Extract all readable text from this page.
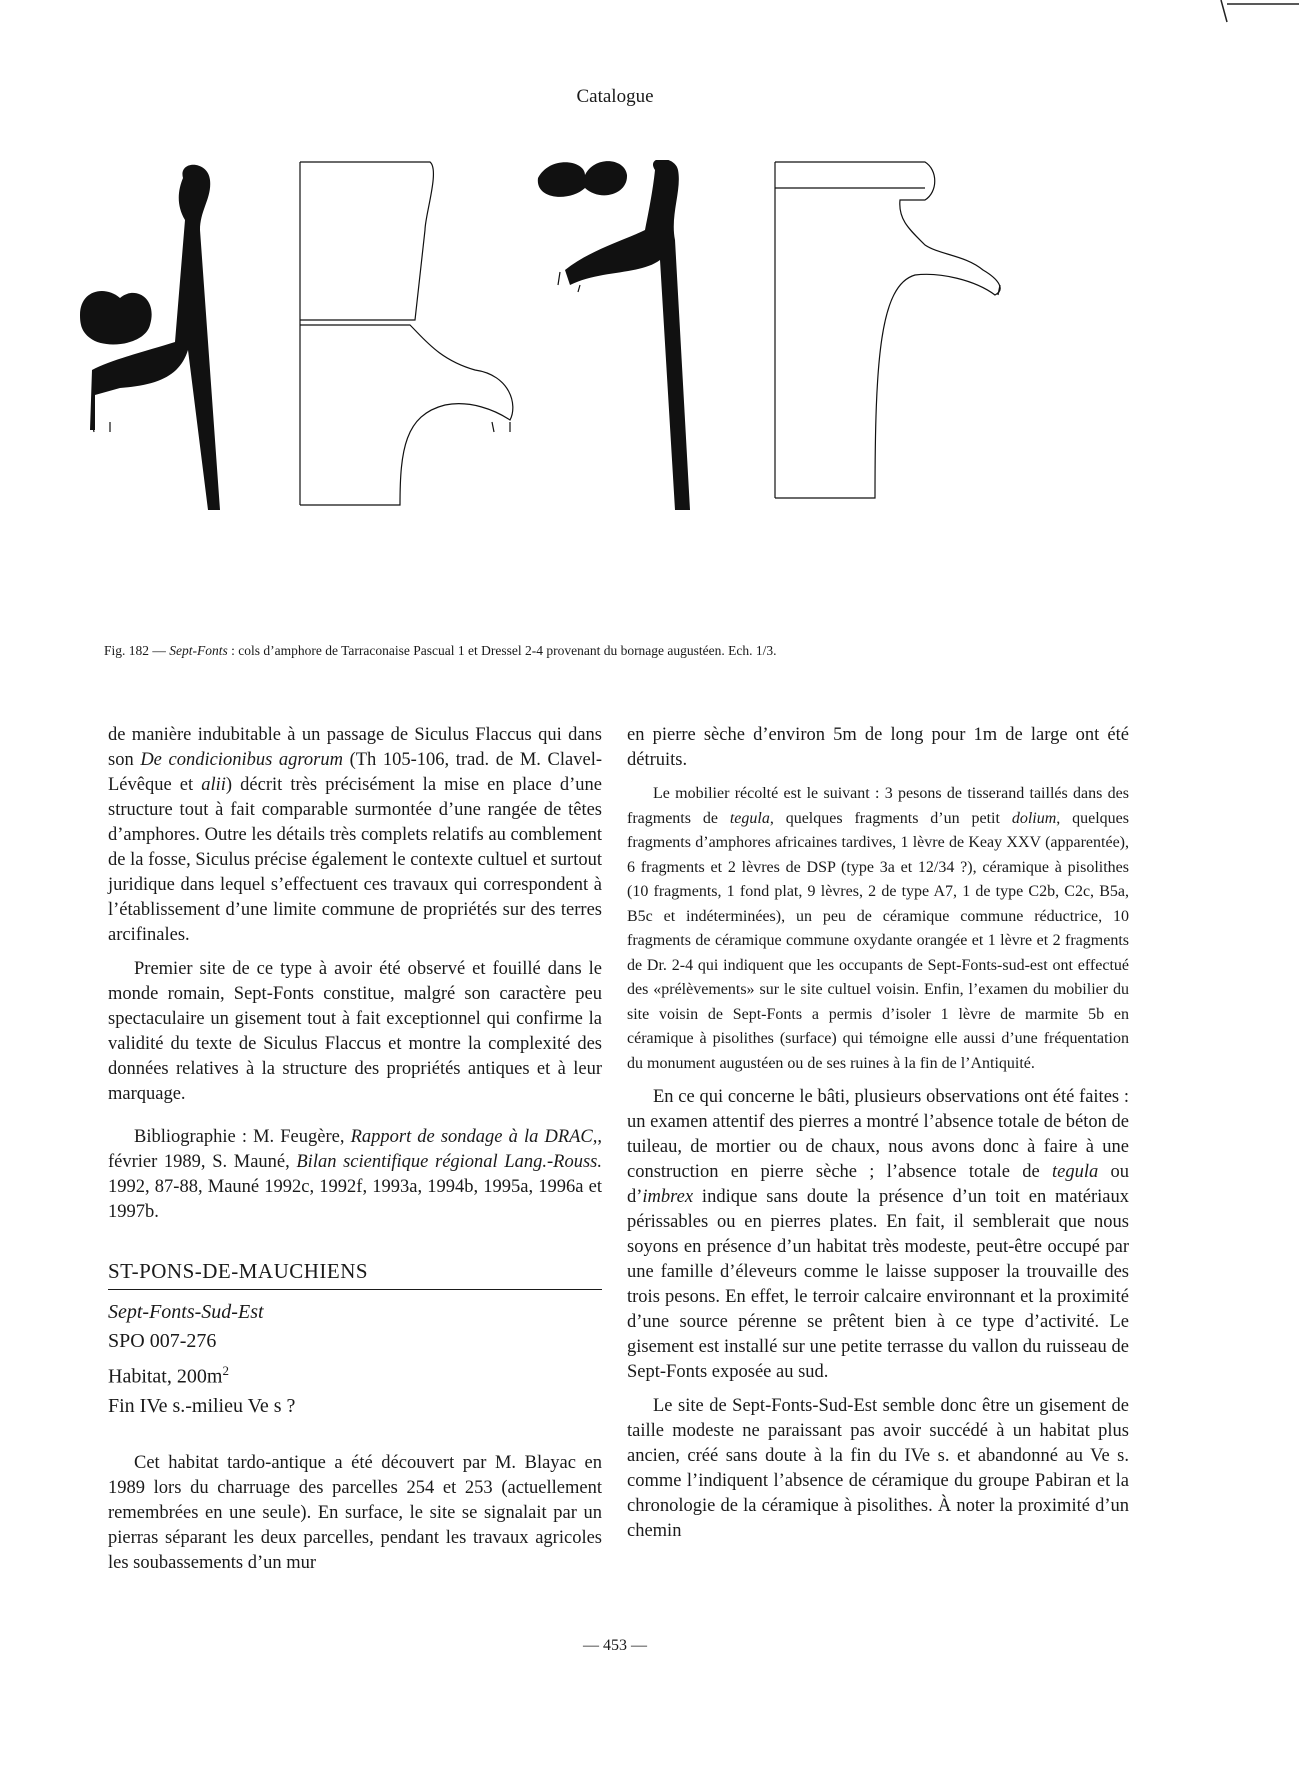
Catalogue
Fig. 182 — Sept-Fonts : cols d’amphore de Tarraconaise Pascual 1 et Dressel 2-4 provenant du bornage augustéen. Ech. 1/3.

de manière indubitable à un passage de Siculus Flaccus qui dans son De condicionibus agrorum (Th 105-106, trad. de M. Clavel-Lévêque et alii) décrit très précisément la mise en place d’une structure tout à fait comparable surmontée d’une rangée de têtes d’amphores. Outre les détails très complets relatifs au comblement de la fosse, Siculus précise également le contexte cultuel et surtout juridique dans lequel s’effectuent ces travaux qui correspondent à l’établissement d’une limite commune de propriétés sur des terres arcifinales.

Premier site de ce type à avoir été observé et fouillé dans le monde romain, Sept-Fonts constitue, malgré son caractère peu spectaculaire un gisement tout à fait exceptionnel qui confirme la validité du texte de Siculus Flaccus et montre la complexité des données relatives à la structure des propriétés antiques et à leur marquage.

Bibliographie : M. Feugère, Rapport de sondage à la DRAC,, février 1989, S. Mauné, Bilan scientifique régional Lang.-Rouss. 1992, 87-88, Mauné 1992c, 1992f, 1993a, 1994b, 1995a, 1996a et 1997b.

ST-PONS-DE-MAUCHIENS

Sept-Fonts-Sud-Est
SPO 007-276
Habitat, $200m^2$
Fin IVe s.-milieu Ve s ?

Cet habitat tardo-antique a été découvert par M. Blayac en 1989 lors du charruage des parcelles 254 et 253 (actuellement remembrées en une seule). En surface, le site se signalait par un pierras séparant les deux parcelles, pendant les travaux agricoles les soubassements d’un mur

en pierre sèche d’environ 5m de long pour 1m de large ont été détruits.

Le mobilier récolté est le suivant : 3 pesons de tisserand taillés dans des fragments de tegula, quelques fragments d’un petit dolium, quelques fragments d’amphores africaines tardives, 1 lèvre de Keay XXV (apparentée), 6 fragments et 2 lèvres de DSP (type 3a et 12/34 ?), céramique à pisolithes (10 fragments, 1 fond plat, 9 lèvres, 2 de type A7, 1 de type C2b, C2c, B5a, B5c et indéterminées), un peu de céramique commune réductrice, 10 fragments de céramique commune oxydante orangée et 1 lèvre et 2 fragments de Dr. 2-4 qui indiquent que les occupants de Sept-Fonts-sud-est ont effectué des «prélèvements» sur le site cultuel voisin. Enfin, l’examen du mobilier du site voisin de Sept-Fonts a permis d’isoler 1 lèvre de marmite 5b en céramique à pisolithes (surface) qui témoigne elle aussi d’une fréquentation du monument augustéen ou de ses ruines à la fin de l’Antiquité.

En ce qui concerne le bâti, plusieurs observations ont été faites : un examen attentif des pierres a montré l’absence totale de béton de tuileau, de mortier ou de chaux, nous avons donc à faire à une construction en pierre sèche ; l’absence totale de tegula ou d’imbrex indique sans doute la présence d’un toit en matériaux périssables ou en pierres plates. En fait, il semblerait que nous soyons en présence d’un habitat très modeste, peut-être occupé par une famille d’éleveurs comme le laisse supposer la trouvaille des trois pesons. En effet, le terroir calcaire environnant et la proximité d’une source pérenne se prêtent bien à ce type d’activité. Le gisement est installé sur une petite terrasse du vallon du ruisseau de Sept-Fonts exposée au sud.

Le site de Sept-Fonts-Sud-Est semble donc être un gisement de taille modeste ne paraissant pas avoir succédé à un habitat plus ancien, créé sans doute à la fin du IVe s. et abandonné au Ve s. comme l’indiquent l’absence de céramique du groupe Pabiran et la chronologie de la céramique à pisolithes. À noter la proximité d’un chemin

— 453 —
